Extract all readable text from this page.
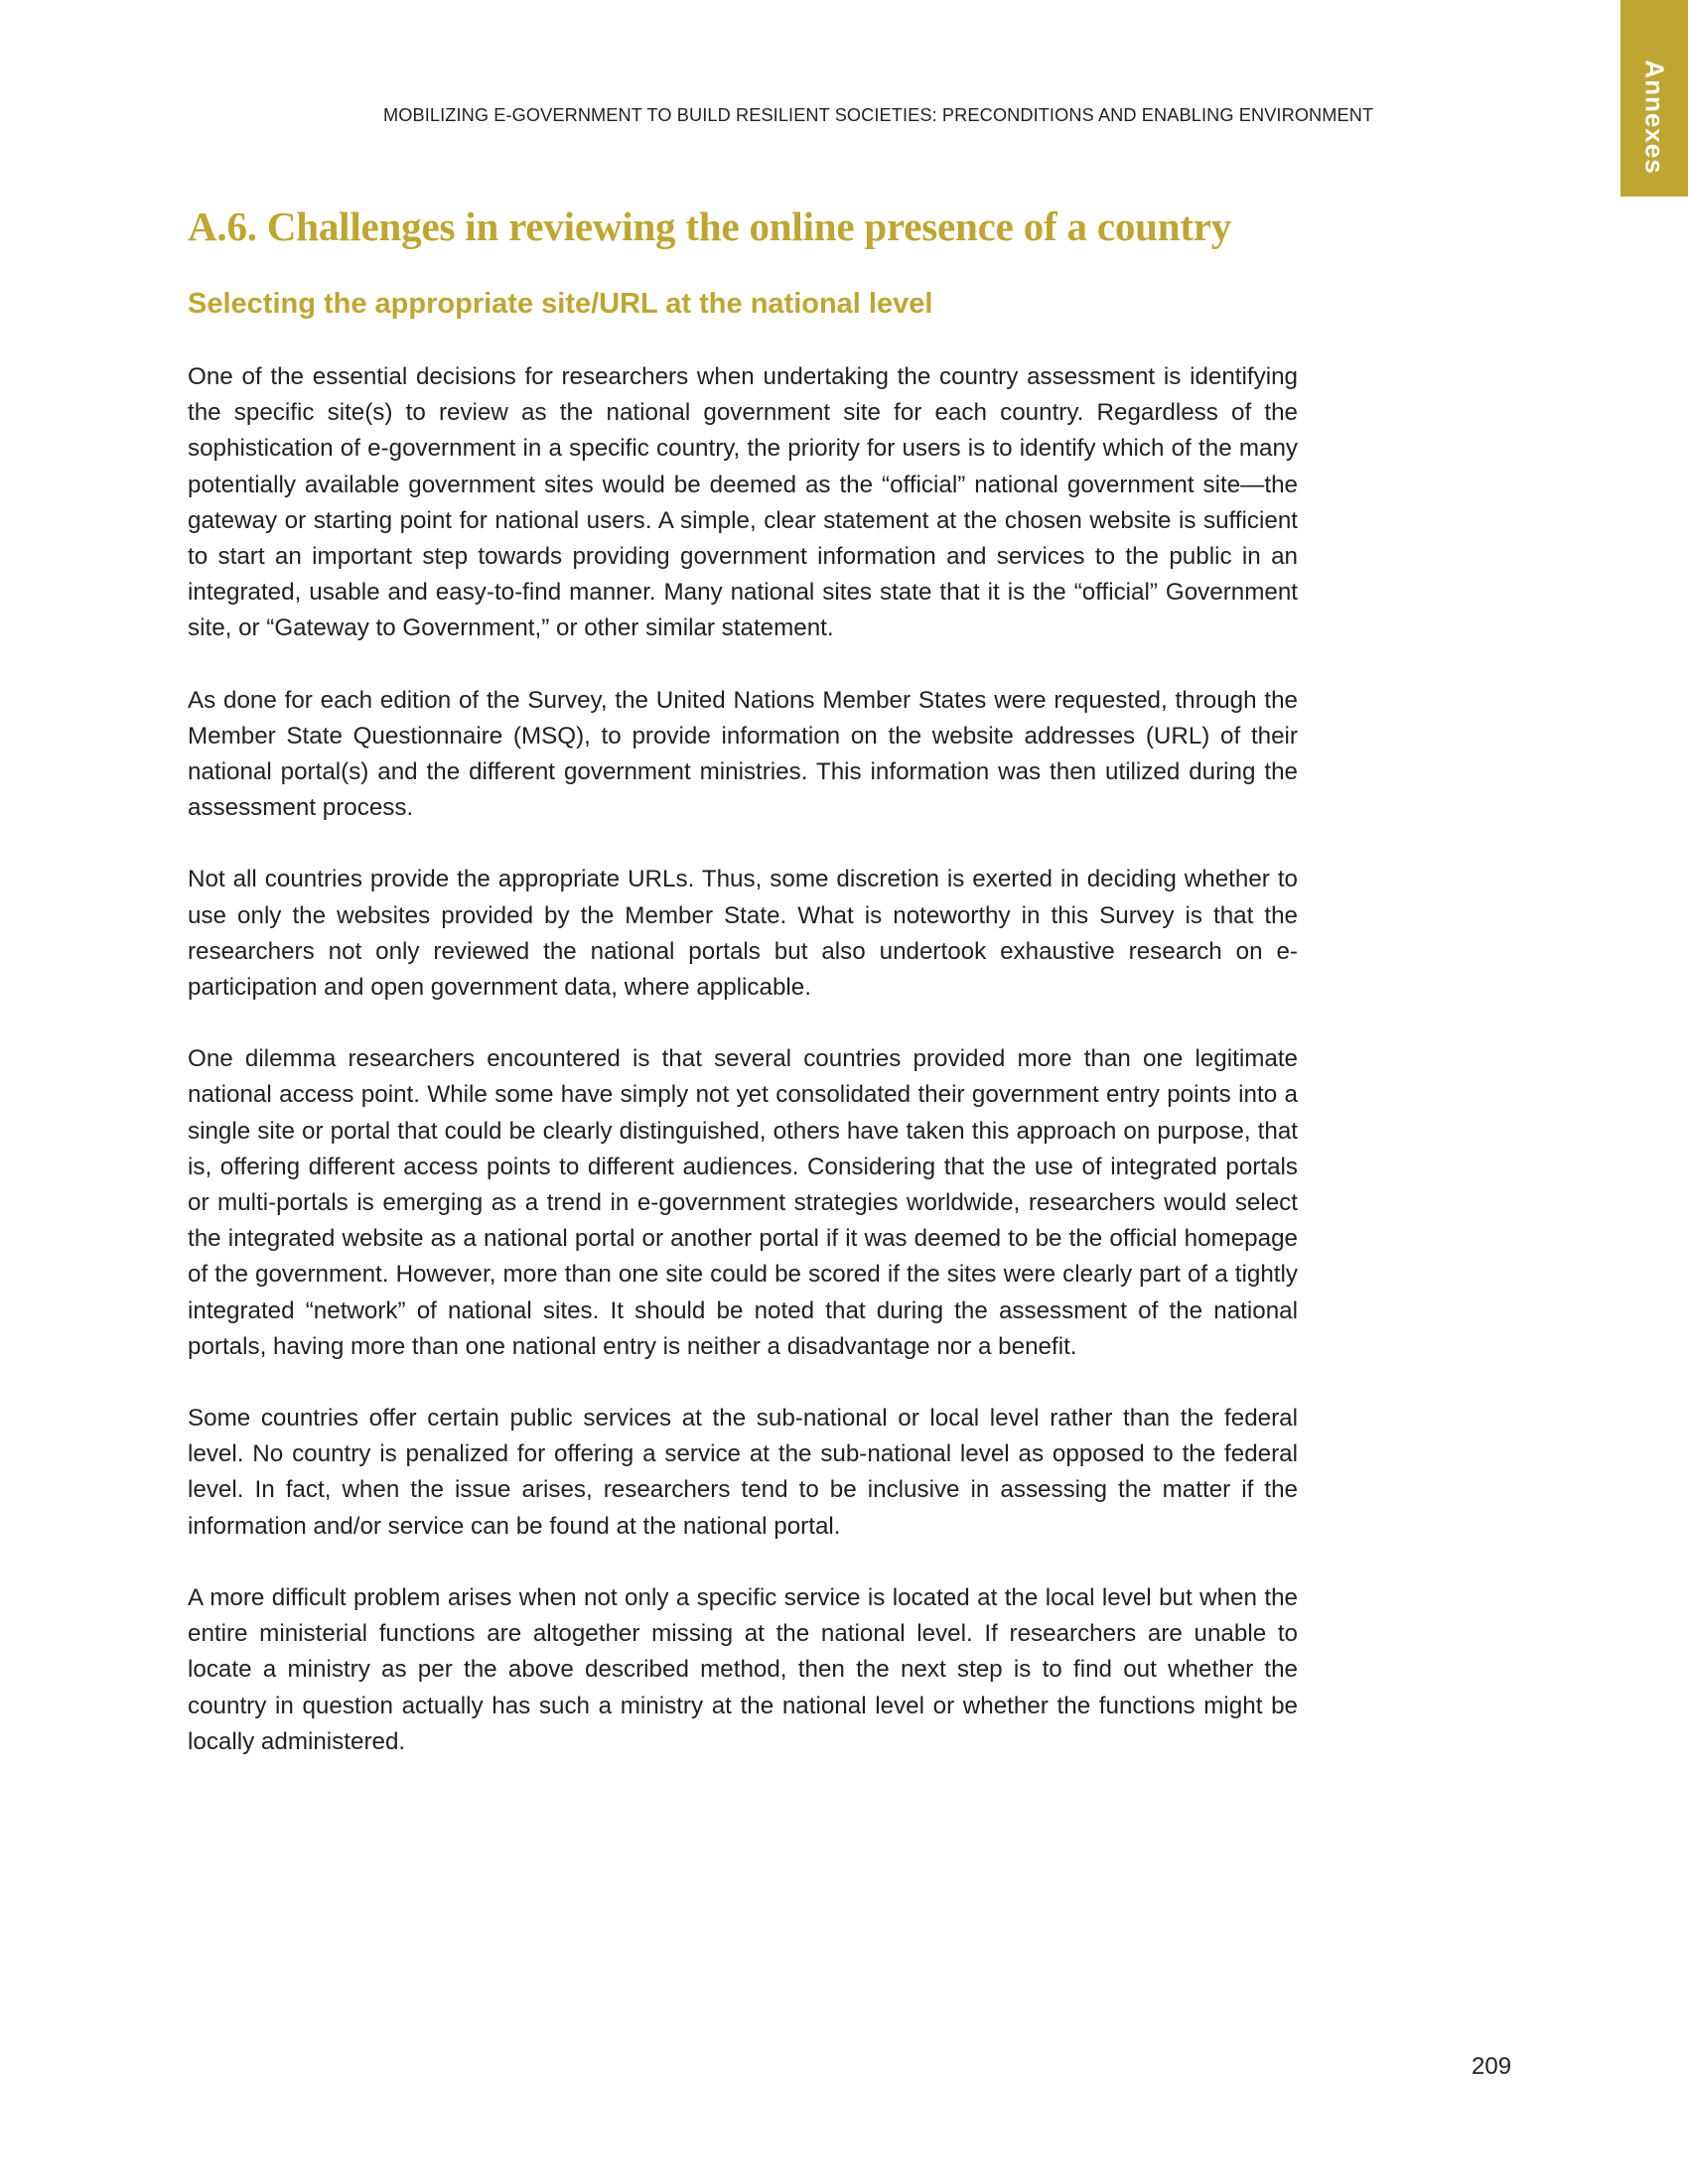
MOBILIZING E-GOVERNMENT TO BUILD RESILIENT SOCIETIES: PRECONDITIONS AND ENABLING ENVIRONMENT	Annexes
A.6. Challenges in reviewing the online presence of a country
Selecting the appropriate site/URL at the national level

One of the essential decisions for researchers when undertaking the country assessment is identifying the specific site(s) to review as the national government site for each country. Regardless of the sophistication of e-government in a specific country, the priority for users is to identify which of the many potentially available government sites would be deemed as the “official” national government site—the gateway or starting point for national users. A simple, clear statement at the chosen website is sufficient to start an important step towards providing government information and services to the public in an integrated, usable and easy-to-find manner. Many national sites state that it is the “official” Government site, or “Gateway to Government,” or other similar statement.

As done for each edition of the Survey, the United Nations Member States were requested, through the Member State Questionnaire (MSQ), to provide information on the website addresses (URL) of their national portal(s) and the different government ministries. This information was then utilized during the assessment process.

Not all countries provide the appropriate URLs. Thus, some discretion is exerted in deciding whether to use only the websites provided by the Member State. What is noteworthy in this Survey is that the researchers not only reviewed the national portals but also undertook exhaustive research on e-participation and open government data, where applicable.

One dilemma researchers encountered is that several countries provided more than one legitimate national access point. While some have simply not yet consolidated their government entry points into a single site or portal that could be clearly distinguished, others have taken this approach on purpose, that is, offering different access points to different audiences. Considering that the use of integrated portals or multi-portals is emerging as a trend in e-government strategies worldwide, researchers would select the integrated website as a national portal or another portal if it was deemed to be the official homepage of the government. However, more than one site could be scored if the sites were clearly part of a tightly integrated “network” of national sites. It should be noted that during the assessment of the national portals, having more than one national entry is neither a disadvantage nor a benefit.

Some countries offer certain public services at the sub-national or local level rather than the federal level. No country is penalized for offering a service at the sub-national level as opposed to the federal level. In fact, when the issue arises, researchers tend to be inclusive in assessing the matter if the information and/or service can be found at the national portal.

A more difficult problem arises when not only a specific service is located at the local level but when the entire ministerial functions are altogether missing at the national level. If researchers are unable to locate a ministry as per the above described method, then the next step is to find out whether the country in question actually has such a ministry at the national level or whether the functions might be locally administered.

209
